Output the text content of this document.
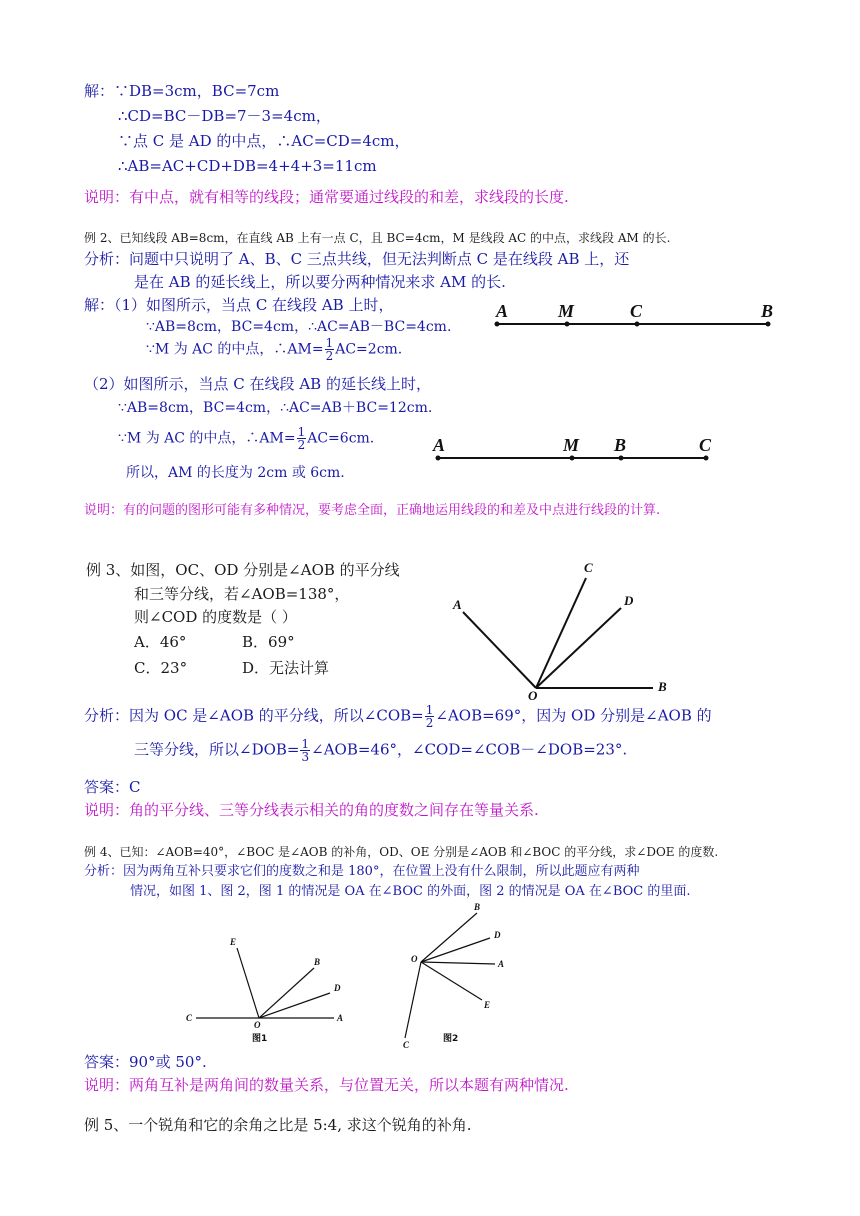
解：∵DB=3cm，BC=7cm
∴CD=BC－DB=7－3=4cm，
∵点 C 是 AD 的中点，∴AC=CD=4cm，
∴AB=AC+CD+DB=4+4+3=11cm
说明：有中点，就有相等的线段；通常要通过线段的和差，求线段的长度.
例 2、已知线段 AB=8cm，在直线 AB 上有一点 C，且 BC=4cm，M 是线段 AC 的中点，求线段 AM 的长.
分析：问题中只说明了 A、B、C 三点共线，但无法判断点 C 是在线段 AB 上，还
是在 AB 的延长线上，所以要分两种情况来求 AM 的长.
解：（1）如图所示，当点 C 在线段 AB 上时，
∵AB=8cm，BC=4cm，∴AC=AB－BC=4cm.
∵M 为 AC 的中点，∴AM= $\frac{1}{2} AC=2cm$.
（2）如图所示，当点 C 在线段 AB 的延长线上时，
∵AB=8cm，BC=4cm，∴AC=AB＋BC=12cm.
∵M 为 AC 的中点，∴AM= $\frac{1}{2} AC=6cm$.
所以，AM 的长度为 2cm 或 6cm.
说明：有的问题的图形可能有多种情况，要考虑全面，正确地运用线段的和差及中点进行线段的计算.
A	M	C	B
A	M B	C
例 3、如图，OC、OD 分别是∠AOB 的平分线
和三等分线，若∠AOB=138°，
则∠COD 的度数是（ ）
A．46°	B．69°
C．23°	D．无法计算
C
D
A
O
B
分析：因为 OC 是∠AOB 的平分线，所以∠COB= $\frac{1}{2}$ ∠AOB=69°，因为 OD 分别是∠AOB 的
三等分线，所以∠DOB= $\frac{1}{3}$ ∠AOB=46°，∠COD=∠COB－∠DOB=23°.
答案：C
说明：角的平分线、三等分线表示相关的角的度数之间存在等量关系.
例 4、已知：∠AOB=40°，∠BOC 是∠AOB 的补角，OD、OE 分别是∠AOB 和∠BOC 的平分线，求∠DOE 的度数.
分析：因为两角互补只要求它们的度数之和是 180°，在位置上没有什么限制，所以此题应有两种
情况，如图 1、图 2，图 1 的情况是 OA 在∠BOC 的外面，图 2 的情况是 OA 在∠BOC 的里面.
E
B
D
C
O
A
图1
B
D
O	A
E
C
图2
答案：90°或 50°.
说明：两角互补是两角间的数量关系，与位置无关，所以本题有两种情况.
例 5、一个锐角和它的余角之比是 5:4, 求这个锐角的补角.
